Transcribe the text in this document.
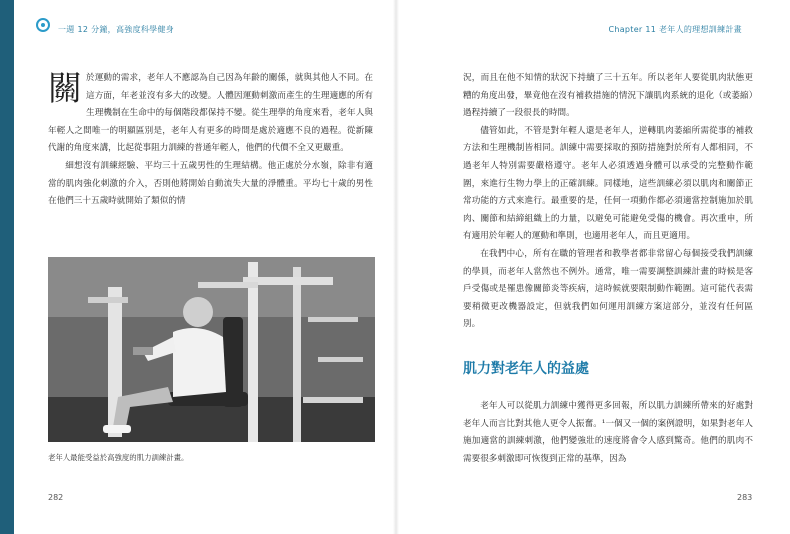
一週 12 分鐘，高強度科學健身	Chapter 11 老年人的理想訓練計畫

關於運動的需求，老年人不應認為自己因為年齡的關係，就與其他人不同。在這方面，年老並沒有多大的改變。人體因運動刺激而產生的生理適應的所有生理機制在生命中的每個階段都保持不變。從生理學的角度來看，老年人與年輕人之間唯一的明顯區別是，老年人有更多的時間是處於適應不良的過程。從新陳代謝的角度來講，比起從事阻力訓練的普通年輕人，他們的代價不全又更嚴重。

細想沒有訓練經驗、平均三十五歲男性的生理結構。他正處於分水嶺，除非有適當的肌肉強化刺激的介入，否則他將開始自動流失大量的淨體重。平均七十歲的男性在他們三十五歲時就開始了類似的情

老年人最能受益於高強度的肌力訓練計畫。
282

況，而且在他不知情的狀況下持續了三十五年。所以老年人要從肌肉狀態更糟的角度出發，畢竟他在沒有補救措施的情況下讓肌肉系統的退化（或萎縮）過程持續了一段很長的時間。

儘管如此，不管是對年輕人還是老年人，逆轉肌肉萎縮所需從事的補救方法和生理機制皆相同。訓練中需要採取的預防措施對於所有人都相同，不過老年人特別需要嚴格遵守。老年人必須透過身體可以承受的完整動作範圍，來進行生物力學上的正確訓練。同樣地，這些訓練必須以肌肉和關節正常功能的方式來進行。最重要的是，任何一項動作都必須適當控制施加於肌肉、關節和結締組織上的力量，以避免可能避免受傷的機會。再次重申，所有適用於年輕人的運動和準則，也適用老年人，而且更適用。

在我們中心，所有在職的管理者和教學者都非常留心每個接受我們訓練的學員，而老年人當然也不例外。通常，唯一需要調整訓練計畫的時候是客戶受傷或是罹患像關節炎等疾病，這時候就要限制動作範圍。這可能代表需要稍微更改機器設定，但就我們如何運用訓練方案這部分，並沒有任何區別。

肌力對老年人的益處

老年人可以從肌力訓練中獲得更多回報，所以肌力訓練所帶來的好處對老年人而言比對其他人更令人振奮。¹一個又一個的案例證明，如果對老年人施加適當的訓練刺激，他們變強壯的速度將會令人感到驚奇。他們的肌肉不需要很多刺激即可恢復到正常的基準，因為

283
